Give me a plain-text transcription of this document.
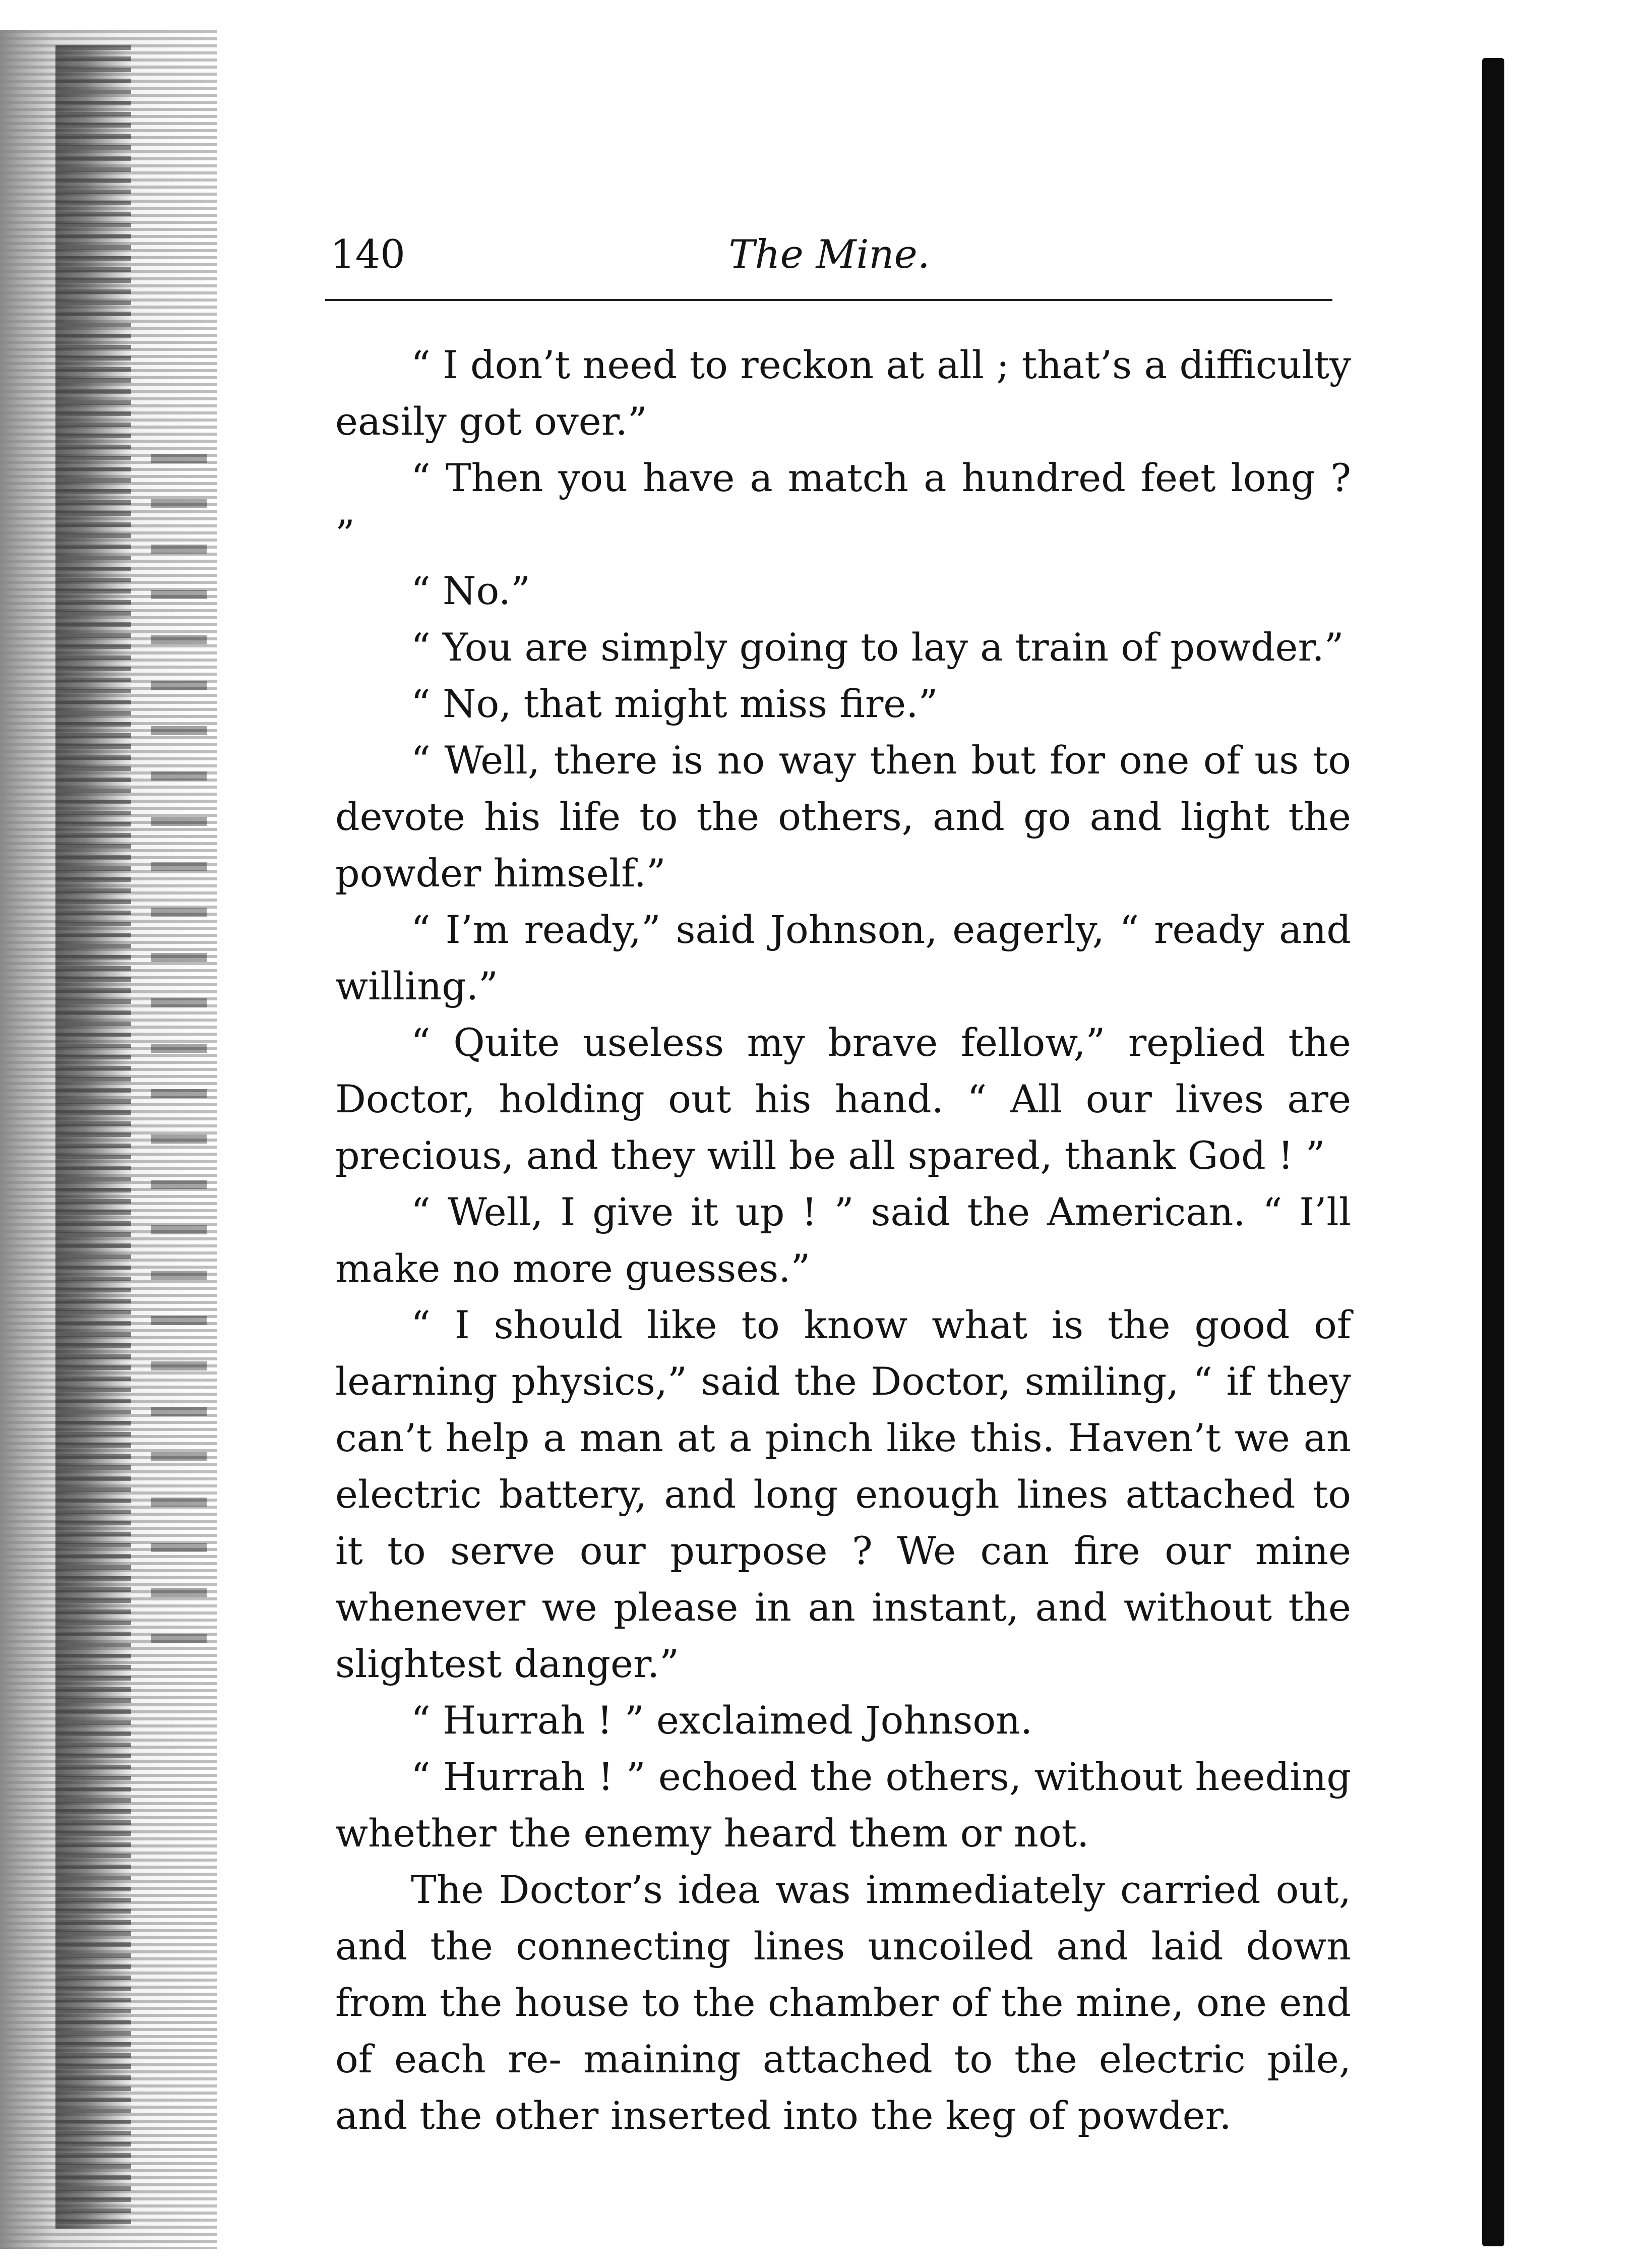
140	The Mine.

“ I don’t need to reckon at all ; that’s a difficulty easily got over.”

“ Then you have a match a hundred feet long ? ”

“ No.”

“ You are simply going to lay a train of powder.”

“ No, that might miss fire.”

“ Well, there is no way then but for one of us to devote his life to the others, and go and light the powder himself.”

“ I’m ready,” said Johnson, eagerly, “ ready and willing.”

“ Quite useless my brave fellow,” replied the Doctor, holding out his hand. “ All our lives are precious, and they will be all spared, thank God ! ”

“ Well, I give it up ! ” said the American. “ I’ll make no more guesses.”

“ I should like to know what is the good of learning physics,” said the Doctor, smiling, “ if they can’t help a man at a pinch like this. Haven’t we an electric battery, and long enough lines attached to it to serve our purpose ? We can fire our mine whenever we please in an instant, and without the slightest danger.”

“ Hurrah ! ” exclaimed Johnson.

“ Hurrah ! ” echoed the others, without heeding whether the enemy heard them or not.

The Doctor’s idea was immediately carried out, and the connecting lines uncoiled and laid down from the house to the chamber of the mine, one end of each re- maining attached to the electric pile, and the other inserted into the keg of powder.
